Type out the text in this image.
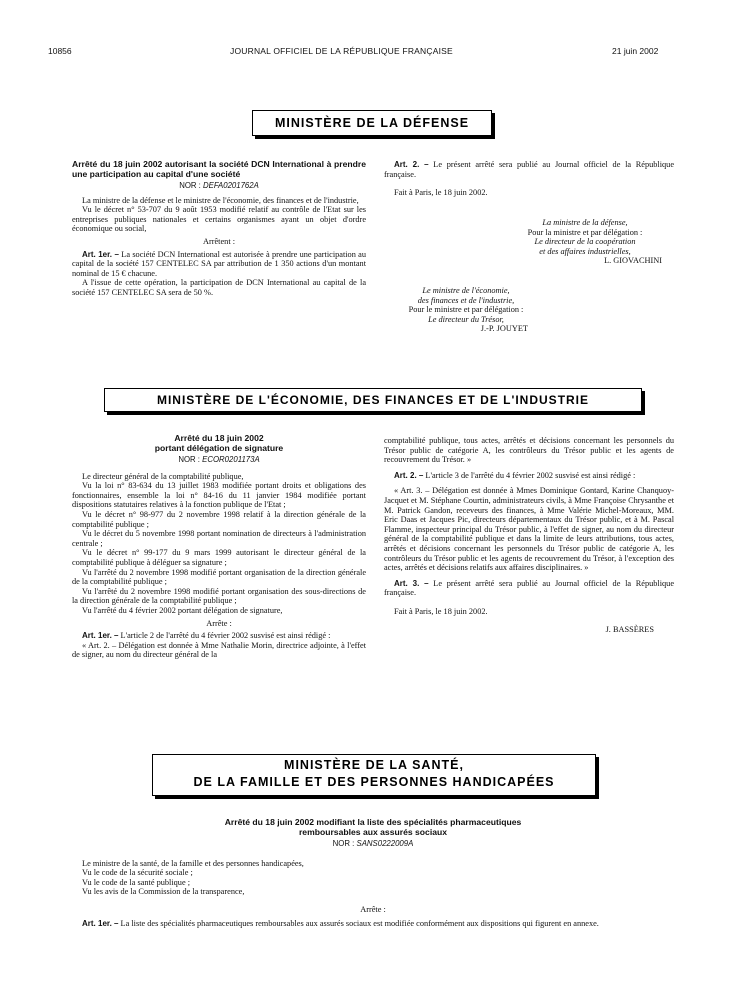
10856	JOURNAL OFFICIEL DE LA RÉPUBLIQUE FRANÇAISE	21 juin 2002
MINISTÈRE DE LA DÉFENSE

Arrêté du 18 juin 2002 autorisant la société DCN International à prendre une participation au capital d'une société

NOR : DEFA0201762A

La ministre de la défense et le ministre de l'économie, des finances et de l'industrie,

Vu le décret n° 53-707 du 9 août 1953 modifié relatif au contrôle de l'Etat sur les entreprises publiques nationales et certains organismes ayant un objet d'ordre économique ou social,

Arrêtent :

Art. 1er. – La société DCN International est autorisée à prendre une participation au capital de la société 157 CENTELEC SA par attribution de 1 350 actions d'un montant nominal de 15 € chacune.

A l'issue de cette opération, la participation de DCN International au capital de la société 157 CENTELEC SA sera de 50 %.

Art. 2. – Le présent arrêté sera publié au Journal officiel de la République française.

Fait à Paris, le 18 juin 2002.

La ministre de la défense,
Pour la ministre et par délégation :
Le directeur de la coopération
et des affaires industrielles,
L. GIOVACHINI
Le ministre de l'économie,
des finances et de l'industrie,
Pour le ministre et par délégation :
Le directeur du Trésor,
J.-P. JOUYET
MINISTÈRE DE L'ÉCONOMIE, DES FINANCES ET DE L'INDUSTRIE

Arrêté du 18 juin 2002
portant délégation de signature

NOR : ECOR0201173A

Le directeur général de la comptabilité publique,

Vu la loi n° 83-634 du 13 juillet 1983 modifiée portant droits et obligations des fonctionnaires, ensemble la loi n° 84-16 du 11 janvier 1984 modifiée portant dispositions statutaires relatives à la fonction publique de l'Etat ;

Vu le décret n° 98-977 du 2 novembre 1998 relatif à la direction générale de la comptabilité publique ;

Vu le décret du 5 novembre 1998 portant nomination de directeurs à l'administration centrale ;

Vu le décret n° 99-177 du 9 mars 1999 autorisant le directeur général de la comptabilité publique à déléguer sa signature ;

Vu l'arrêté du 2 novembre 1998 modifié portant organisation de la direction générale de la comptabilité publique ;

Vu l'arrêté du 2 novembre 1998 modifié portant organisation des sous-directions de la direction générale de la comptabilité publique ;

Vu l'arrêté du 4 février 2002 portant délégation de signature,

Arrête :

Art. 1er. – L'article 2 de l'arrêté du 4 février 2002 susvisé est ainsi rédigé :

« Art. 2. – Délégation est donnée à Mme Nathalie Morin, directrice adjointe, à l'effet de signer, au nom du directeur général de la

comptabilité publique, tous actes, arrêtés et décisions concernant les personnels du Trésor public de catégorie A, les contrôleurs du Trésor public et les agents de recouvrement du Trésor. »

Art. 2. – L'article 3 de l'arrêté du 4 février 2002 susvisé est ainsi rédigé :

« Art. 3. – Délégation est donnée à Mmes Dominique Gontard, Karine Chanquoy-Jacquet et M. Stéphane Courtin, administrateurs civils, à Mme Françoise Chrysanthe et M. Patrick Gandon, receveurs des finances, à Mme Valérie Michel-Moreaux, MM. Eric Daas et Jacques Pic, directeurs départementaux du Trésor public, et à M. Pascal Flamme, inspecteur principal du Trésor public, à l'effet de signer, au nom du directeur général de la comptabilité publique et dans la limite de leurs attributions, tous actes, arrêtés et décisions concernant les personnels du Trésor public de catégorie A, les contrôleurs du Trésor public et les agents de recouvrement du Trésor, à l'exception des actes, arrêtés et décisions relatifs aux affaires disciplinaires. »

Art. 3. – Le présent arrêté sera publié au Journal officiel de la République française.

Fait à Paris, le 18 juin 2002.

J. BASSÈRES

MINISTÈRE DE LA SANTÉ,
DE LA FAMILLE ET DES PERSONNES HANDICAPÉES

Arrêté du 18 juin 2002 modifiant la liste des spécialités pharmaceutiques
remboursables aux assurés sociaux

NOR : SANS0222009A

Le ministre de la santé, de la famille et des personnes handicapées,

Vu le code de la sécurité sociale ;

Vu le code de la santé publique ;

Vu les avis de la Commission de la transparence,

Arrête :

Art. 1er. – La liste des spécialités pharmaceutiques remboursables aux assurés sociaux est modifiée conformément aux dispositions qui figurent en annexe.
